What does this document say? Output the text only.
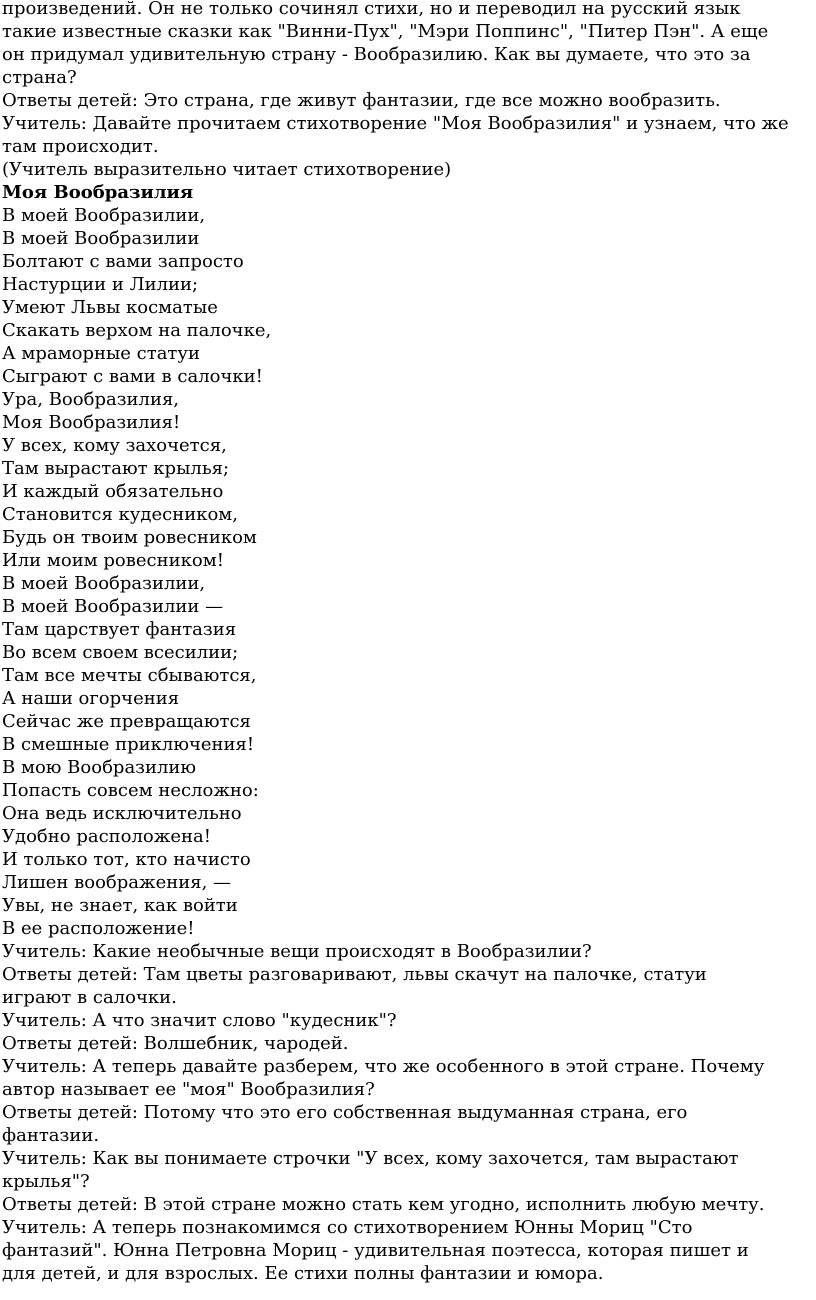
произведений. Он не только сочинял стихи, но и переводил на русский язык
такие известные сказки как "Винни-Пух", "Мэри Поппинс", "Питер Пэн". А еще
он придумал удивительную страну - Вообразилию. Как вы думаете, что это за
страна?
Ответы детей: Это страна, где живут фантазии, где все можно вообразить.
Учитель: Давайте прочитаем стихотворение "Моя Вообразилия" и узнаем, что же
там происходит.
(Учитель выразительно читает стихотворение)
Моя Вообразилия
В моей Вообразилии,
В моей Вообразилии
Болтают с вами запросто
Настурции и Лилии;
Умеют Львы косматые
Скакать верхом на палочке,
А мраморные статуи
Сыграют с вами в салочки!
Ура, Вообразилия,
Моя Вообразилия!
У всех, кому захочется,
Там вырастают крылья;
И каждый обязательно
Становится кудесником,
Будь он твоим ровесником
Или моим ровесником!
В моей Вообразилии,
В моей Вообразилии —
Там царствует фантазия
Во всем своем всесилии;
Там все мечты сбываются,
А наши огорчения
Сейчас же превращаются
В смешные приключения!
В мою Вообразилию
Попасть совсем несложно:
Она ведь исключительно
Удобно расположена!
И только тот, кто начисто
Лишен воображения, —
Увы, не знает, как войти
В ее расположение!
Учитель: Какие необычные вещи происходят в Вообразилии?
Ответы детей: Там цветы разговаривают, львы скачут на палочке, статуи
играют в салочки.
Учитель: А что значит слово "кудесник"?
Ответы детей: Волшебник, чародей.
Учитель: А теперь давайте разберем, что же особенного в этой стране. Почему
автор называет ее "моя" Вообразилия?
Ответы детей: Потому что это его собственная выдуманная страна, его
фантазии.
Учитель: Как вы понимаете строчки "У всех, кому захочется, там вырастают
крылья"?
Ответы детей: В этой стране можно стать кем угодно, исполнить любую мечту.
Учитель: А теперь познакомимся со стихотворением Юнны Мориц "Сто
фантазий". Юнна Петровна Мориц - удивительная поэтесса, которая пишет и
для детей, и для взрослых. Ее стихи полны фантазии и юмора.
